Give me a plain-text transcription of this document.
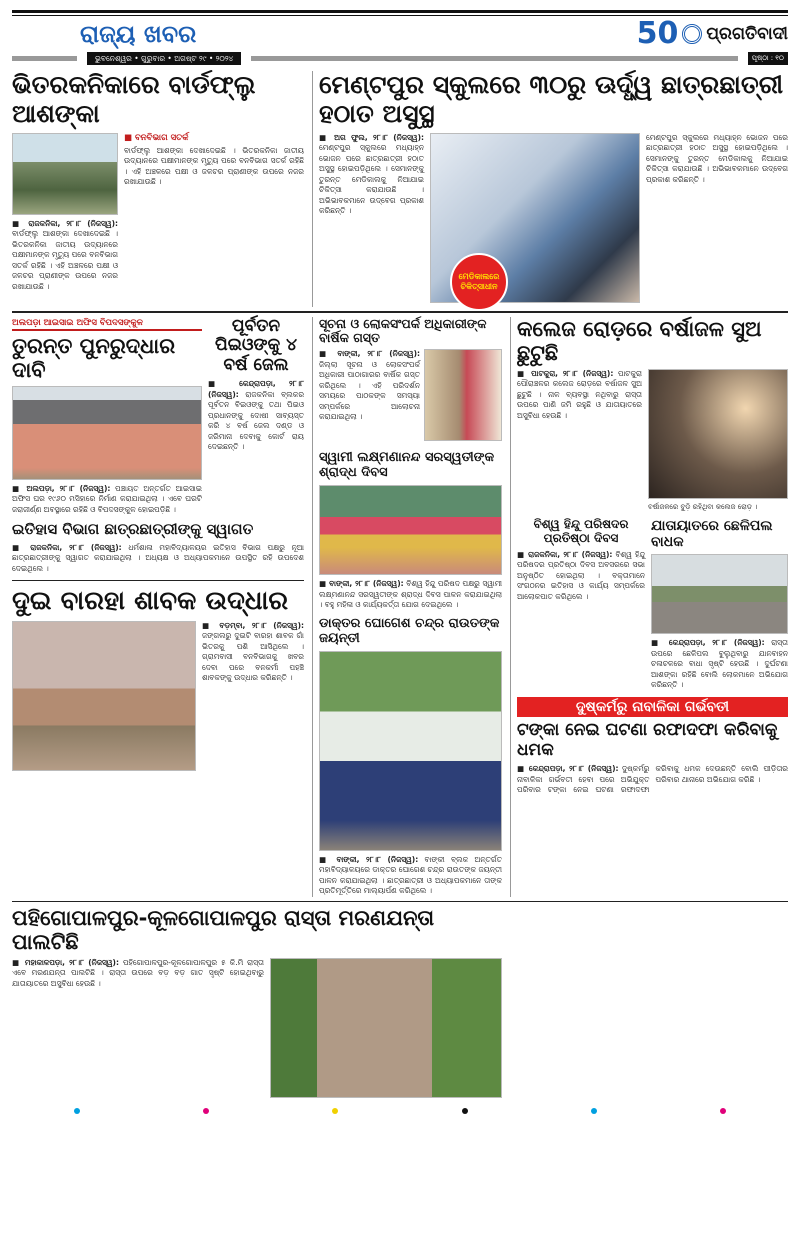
ରାଜ୍ୟ ଖବର	50 ପ୍ରଗତିବାଦୀ
ଭୁବନେଶ୍ୱର • ଗୁରୁବାର • ଅଗଷ୍ଟ ୨୯ • ୨୦୨୪	ପୃଷ୍ଠା : ୧୦
ଭିତରକନିକାରେ ବାର୍ଡଫ୍ଲୁ ଆଶଙ୍କା

■ ରାଜକନିକା, ୨୮।୮ (ନିଜସ୍ୱ): ବାର୍ଡଫ୍ଲୁ ଆଶଙ୍କା ଦେଖାଦେଇଛି । ଭିତରକନିକା ଜାତୀୟ ଉଦ୍ୟାନରେ ପକ୍ଷୀମାନଙ୍କ ମୃତ୍ୟୁ ପରେ ବନବିଭାଗ ସତର୍କ ରହିଛି । ଏହି ଅଞ୍ଚଳରେ ପକ୍ଷୀ ଓ ଜଳଚର ପ୍ରାଣୀଙ୍କ ଉପରେ ନଜର ରଖାଯାଉଛି ।

■ ବନବିଭାଗ ସତର୍କ

ବାର୍ଡଫ୍ଲୁ ଆଶଙ୍କା ଦେଖାଦେଇଛି । ଭିତରକନିକା ଜାତୀୟ ଉଦ୍ୟାନରେ ପକ୍ଷୀମାନଙ୍କ ମୃତ୍ୟୁ ପରେ ବନବିଭାଗ ସତର୍କ ରହିଛି । ଏହି ଅଞ୍ଚଳରେ ପକ୍ଷୀ ଓ ଜଳଚର ପ୍ରାଣୀଙ୍କ ଉପରେ ନଜର ରଖାଯାଉଛି ।

ମେଣ୍ଟପୁର ସ୍କୁଲରେ ୩୦ରୁ ଊର୍ଦ୍ଧ୍ୱ ଛାତ୍ରଛାତ୍ରୀ ହଠାତ ଅସୁସ୍ଥ

■ ଅଗ ଫୁଲ, ୨୮।୮ (ନିଜସ୍ୱ): ମେଣ୍ଟପୁର ସ୍କୁଲରେ ମଧ୍ୟାହ୍ନ ଭୋଜନ ପରେ ଛାତ୍ରଛାତ୍ରୀ ହଠାତ ଅସୁସ୍ଥ ହୋଇପଡ଼ିଥିଲେ । ସେମାନଙ୍କୁ ତୁରନ୍ତ ମେଡିକାଲକୁ ନିଆଯାଇ ଚିକିତ୍ସା କରାଯାଉଛି । ଅଭିଭାବକମାନେ ଉଦ୍‌ବେଗ ପ୍ରକାଶ କରିଛନ୍ତି ।

ମେଡିକାଲରେ ଚିକିତ୍ସାଧୀନ

ମେଣ୍ଟପୁର ସ୍କୁଲରେ ମଧ୍ୟାହ୍ନ ଭୋଜନ ପରେ ଛାତ୍ରଛାତ୍ରୀ ହଠାତ ଅସୁସ୍ଥ ହୋଇପଡ଼ିଥିଲେ । ସେମାନଙ୍କୁ ତୁରନ୍ତ ମେଡିକାଲକୁ ନିଆଯାଇ ଚିକିତ୍ସା କରାଯାଉଛି । ଅଭିଭାବକମାନେ ଉଦ୍‌ବେଗ ପ୍ରକାଶ କରିଛନ୍ତି ।

ଅଲପଡ଼ା ଆଇସାଇ ଅଫିସ ବିପଦସଙ୍କୁଳ
ତୁରନ୍ତ ପୁନରୁଦ୍ଧାର ଦାବି

■ ଅଲପଡ଼ା, ୨୮।୮ (ନିଜସ୍ୱ): ପଞ୍ଚାୟତ ଅନ୍ତର୍ଗତ ଆଇସାଇ ଅଫିସ ଘର ୧୯୬୦ ମସିହାରେ ନିର୍ମାଣ କରାଯାଇଥିଲା । ଏବେ ଘରଟି ଜରାଜୀର୍ଣ୍ଣ ଅବସ୍ଥାରେ ରହିଛି ଓ ବିପଦସଙ୍କୁଳ ହୋଇପଡ଼ିଛି ।

ପୂର୍ବତନ ପିଇଓଙ୍କୁ ୪ ବର୍ଷ ଜେଲ

■ କେନ୍ଦ୍ରାପଡ଼ା, ୨୮।୮ (ନିଜସ୍ୱ): ରାଜକନିକା ବ୍ଲକର ପୂର୍ବତନ ବିଇଓଙ୍କୁ ତଥା ପିଇଓ ପ୍ରଧାନଙ୍କୁ ଦୋଷୀ ସାବ୍ୟସ୍ତ କରି ୪ ବର୍ଷ ଜେଲ ଦଣ୍ଡ ଓ ଜରିମାନା ଦେବାକୁ କୋର୍ଟ ରାୟ ଦେଇଛନ୍ତି ।

ଇତିହାସ ବିଭାଗ ଛାତ୍ରଛାତ୍ରୀଙ୍କୁ ସ୍ୱାଗତ

■ ରାଜକନିକା, ୨୮।୮ (ନିଜସ୍ୱ): ଧର୍ମଶାଳା ମହାବିଦ୍ୟାଳୟର ଇତିହାସ ବିଭାଗ ପକ୍ଷରୁ ନୂଆ ଛାତ୍ରଛାତ୍ରୀଙ୍କୁ ସ୍ୱାଗତ କରାଯାଇଥିଲା । ଅଧ୍ୟକ୍ଷ ଓ ଅଧ୍ୟାପକମାନେ ଉପସ୍ଥିତ ରହି ଉପଦେଶ ଦେଇଥିଲେ ।

ଦୁଇ ବାରହା ଶାବକ ଉଦ୍ଧାର

■ ବଡ଼ମ୍ବା, ୨୮।୮ (ନିଜସ୍ୱ): ଜଙ୍ଗଲରୁ ଦୁଇଟି ବାରହା ଶାବକ ଗାଁ ଭିତରକୁ ପଶି ଆସିଥିଲେ । ଗ୍ରାମବାସୀ ବନବିଭାଗକୁ ଖବର ଦେବା ପରେ ବନକର୍ମୀ ପହଞ୍ଚି ଶାବକଙ୍କୁ ଉଦ୍ଧାର କରିଛନ୍ତି ।

ସୂଚନା ଓ ଲୋକସଂପର୍କ ଅଧିକାରୀଙ୍କ ବାର୍ଷିକ ଗସ୍ତ

■ ବାଙ୍କୀ, ୨୮।୮ (ନିଜସ୍ୱ): ଜିଲ୍ଲା ସୂଚନା ଓ ଲୋକସଂପର୍କ ଅଧିକାରୀ ପାଠାଗାରର ବାର୍ଷିକ ଗସ୍ତ କରିଥିଲେ । ଏହି ପରିଦର୍ଶନ ସମୟରେ ପାଠକଙ୍କ ସମସ୍ୟା ସମ୍ପର୍କରେ ଆଲୋଚନା କରାଯାଇଥିଲା ।

ସ୍ୱାମୀ ଲକ୍ଷ୍ମଣାନନ୍ଦ ସରସ୍ୱତୀଙ୍କ ଶ୍ରାଦ୍ଧ ଦିବସ

■ ବାଙ୍କୀ, ୨୮।୮ (ନିଜସ୍ୱ): ବିଶ୍ୱ ହିନ୍ଦୁ ପରିଷଦ ପକ୍ଷରୁ ସ୍ୱାମୀ ଲକ୍ଷ୍ମଣାନନ୍ଦ ସରସ୍ୱତୀଙ୍କ ଶ୍ରାଦ୍ଧ ଦିବସ ପାଳନ କରାଯାଇଥିଲା । ବହୁ ମହିଳା ଓ କାର୍ଯ୍ୟକର୍ତ୍ତା ଯୋଗ ଦେଇଥିଲେ ।

ଡାକ୍ତର ଘୋଗେଶ ଚନ୍ଦ୍ର ରାଉତଙ୍କ ଜୟନ୍ତୀ

■ ବାଙ୍କୀ, ୨୮।୮ (ନିଜସ୍ୱ): ବାଙ୍କୀ ବ୍ଲକ ଅନ୍ତର୍ଗତ ମହାବିଦ୍ୟାଳୟରେ ଡାକ୍ତର ଘୋଗେଶ ଚନ୍ଦ୍ର ରାଉତଙ୍କ ଜୟନ୍ତୀ ପାଳନ କରାଯାଇଥିଲା । ଛାତ୍ରଛାତ୍ରୀ ଓ ଅଧ୍ୟାପକମାନେ ତାଙ୍କ ପ୍ରତିମୂର୍ତ୍ତିରେ ମାଲ୍ୟାର୍ପଣ କରିଥିଲେ ।

କଲେଜ ରୋଡ଼ରେ ବର୍ଷାଜଳ ସୁଅ ଛୁଟୁଛି

■ ପାଟକୁରା, ୨୮।୮ (ନିଜସ୍ୱ): ପାଟକୁରା ପୌରାଞ୍ଚଳର କଲେଜ ରୋଡ଼ରେ ବର୍ଷାଜଳ ସୁଅ ଛୁଟୁଛି । ନାଳ ବ୍ୟବସ୍ଥା ନଥିବାରୁ ରାସ୍ତା ଉପରେ ପାଣି ଜମି ରହୁଛି ଓ ଯାତାୟାତରେ ଅସୁବିଧା ହେଉଛି ।

ବର୍ଷାଜଳରେ ବୁଡ଼ି ରହିଥିବା କଲେଜ ରୋଡ଼ ।

ବିଶ୍ୱ ହିନ୍ଦୁ ପରିଷଦର ପ୍ରତିଷ୍ଠା ଦିବସ

■ ରାଜକନିକା, ୨୮।୮ (ନିଜସ୍ୱ): ବିଶ୍ୱ ହିନ୍ଦୁ ପରିଷଦର ପ୍ରତିଷ୍ଠା ଦିବସ ଅବସରରେ ସଭା ଅନୁଷ୍ଠିତ ହୋଇଥିଲା । ବକ୍ତାମାନେ ସଂଗଠନର ଇତିହାସ ଓ କାର୍ଯ୍ୟ ସମ୍ପର୍କରେ ଆଲୋକପାତ କରିଥିଲେ ।

ଯାତାୟାତରେ ଛେଳିପଲ ବାଧକ

■ କେନ୍ଦ୍ରାପଡ଼ା, ୨୮।୮ (ନିଜସ୍ୱ): ରାସ୍ତା ଉପରେ ଛେଳିପଲ ବୁଲୁଥିବାରୁ ଯାନବାହନ ଚଳାଚଳରେ ବାଧା ସୃଷ୍ଟି ହେଉଛି । ଦୁର୍ଘଟଣା ଆଶଙ୍କା ରହିଛି ବୋଲି ଲୋକମାନେ ଅଭିଯୋଗ କରିଛନ୍ତି ।

ଦୁଷ୍କର୍ମରୁ ନାବାଳିକା ଗର୍ଭବତୀ
ଟଙ୍କା ନେଇ ଘଟଣା ରଫାଦଫା କରିବାକୁ ଧମକ

■ କେନ୍ଦ୍ରାପଡ଼ା, ୨୮।୮ (ନିଜସ୍ୱ): ଦୁଷ୍କର୍ମରୁ ନାବାଳିକା ଗର୍ଭବତୀ ହେବା ପରେ ଅଭିଯୁକ୍ତ ପରିବାର ଟଙ୍କା ନେଇ ଘଟଣା ରଫାଦଫା କରିବାକୁ ଧମକ ଦେଉଛନ୍ତି ବୋଲି ପୀଡ଼ିତାର ପରିବାର ଥାନାରେ ଅଭିଯୋଗ କରିଛି ।

ପହିଗୋପାଳପୁର-କୂଳଗୋପାଳପୁର ରାସ୍ତା ମରଣଯନ୍ତା ପାଲଟିଛି

■ ମହାକାଳପଡ଼ା, ୨୮।୮ (ନିଜସ୍ୱ): ପହିଗୋପାଳପୁର-କୂଳଗୋପାଳପୁର ୫ କି.ମି ରାସ୍ତା ଏବେ ମରଣଯନ୍ତା ପାଲଟିଛି । ରାସ୍ତା ଉପରେ ବଡ଼ ବଡ଼ ଗାତ ସୃଷ୍ଟି ହୋଇଥିବାରୁ ଯାତାୟାତରେ ଅସୁବିଧା ହେଉଛି ।
